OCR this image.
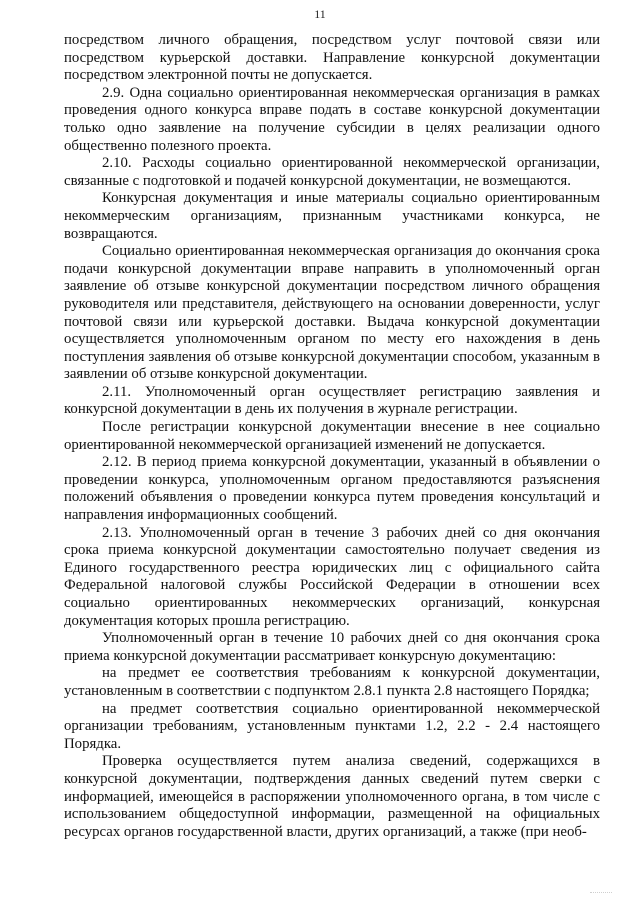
11

посредством личного обращения, посредством услуг почтовой связи или посредством курьерской доставки. Направление конкурсной документации посредством электронной почты не допускается.

2.9. Одна социально ориентированная некоммерческая организация в рамках проведения одного конкурса вправе подать в составе конкурсной документации только одно заявление на получение субсидии в целях реализации одного общественно полезного проекта.

2.10. Расходы социально ориентированной некоммерческой организации, связанные с подготовкой и подачей конкурсной документации, не возмещаются.

Конкурсная документация и иные материалы социально ориентированным некоммерческим организациям, признанным участниками конкурса, не возвращаются.

Социально ориентированная некоммерческая организация до окончания срока подачи конкурсной документации вправе направить в уполномоченный орган заявление об отзыве конкурсной документации посредством личного обращения руководителя или представителя, действующего на основании доверенности, услуг почтовой связи или курьерской доставки. Выдача конкурсной документации осуществляется уполномоченным органом по месту его нахождения в день поступления заявления об отзыве конкурсной документации способом, указанным в заявлении об отзыве конкурсной документации.

2.11. Уполномоченный орган осуществляет регистрацию заявления и конкурсной документации в день их получения в журнале регистрации.

После регистрации конкурсной документации внесение в нее социально ориентированной некоммерческой организацией изменений не допускается.

2.12. В период приема конкурсной документации, указанный в объявлении о проведении конкурса, уполномоченным органом предоставляются разъяснения положений объявления о проведении конкурса путем проведения консультаций и направления информационных сообщений.

2.13. Уполномоченный орган в течение 3 рабочих дней со дня окончания срока приема конкурсной документации самостоятельно получает сведения из Единого государственного реестра юридических лиц с официального сайта Федеральной налоговой службы Российской Федерации в отношении всех социально ориентированных некоммерческих организаций, конкурсная документация которых прошла регистрацию.

Уполномоченный орган в течение 10 рабочих дней со дня окончания срока приема конкурсной документации рассматривает конкурсную документацию:

на предмет ее соответствия требованиям к конкурсной документации, установленным в соответствии с подпунктом 2.8.1 пункта 2.8 настоящего Порядка;

на предмет соответствия социально ориентированной некоммерческой организации требованиям, установленным пунктами 1.2, 2.2 - 2.4 настоящего Порядка.

Проверка осуществляется путем анализа сведений, содержащихся в конкурсной документации, подтверждения данных сведений путем сверки с информацией, имеющейся в распоряжении уполномоченного органа, в том числе с использованием общедоступной информации, размещенной на официальных ресурсах органов государственной власти, других организаций, а также (при необ-
